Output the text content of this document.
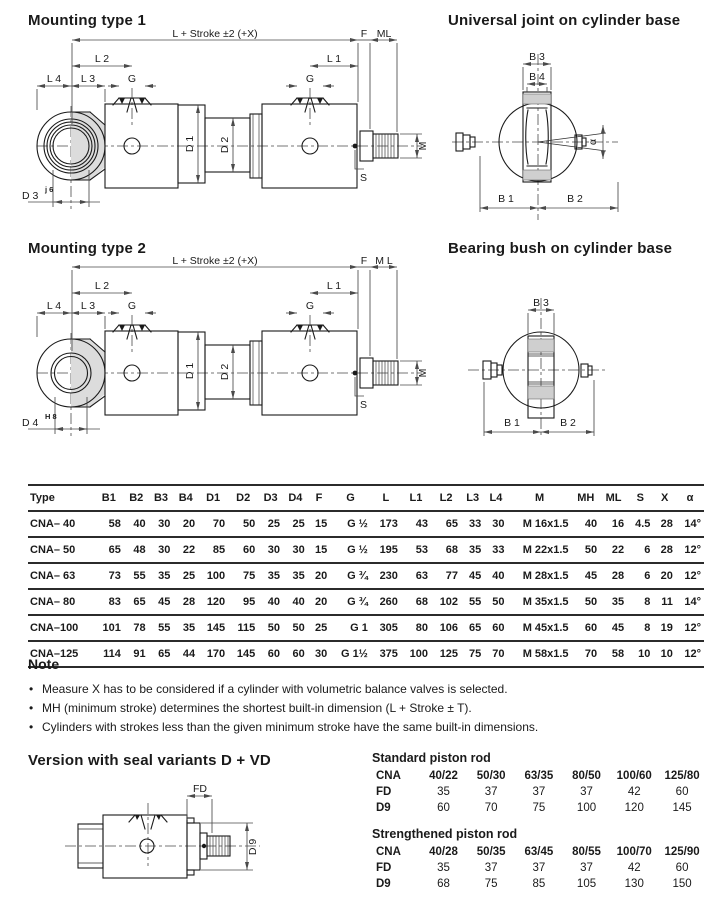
Mounting type 1	Universal joint on cylinder base
Mounting type 2	Bearing bush on cylinder base
L + Stroke ±2 (+X)	F ML
L 2	L 1
L 4 L 3	G	G
D 1 D 2	M
S
D 3
j 6
B 3
B 4
α
B 1	B 2
L + Stroke ±2 (+X)	F M L
L 2	L 1
L 4 L 3	G	G
D 1 D 2	M
S
D 4
H 8
B 3
B 1	B 2
Type	B1	B2	B3	B4	D1	D2	D3	D4	F	G	L	L1	L2	L3	L4	M	MH	ML	S	X	α
CNA– 40	58	40	30	20	70	50	25	25	15	G ½	173	43	65	33	30	M 16x1.5	40	16	4.5	28	14°
CNA– 50	65	48	30	22	85	60	30	30	15	G ½	195	53	68	35	33	M 22x1.5	50	22	6	28	12°
CNA– 63	73	55	35	25	100	75	35	35	20	G ¾	230	63	77	45	40	M 28x1.5	45	28	6	20	12°
CNA– 80	83	65	45	28	120	95	40	40	20	G ¾	260	68	102	55	50	M 35x1.5	50	35	8	11	14°
CNA–100	101	78	55	35	145	115	50	50	25	G 1	305	80	106	65	60	M 45x1.5	60	45	8	19	12°
CNA–125	114	91	65	44	170	145	60	60	30	G 1½	375	100	125	75	70	M 58x1.5	70	58	10	10	12°
Note
• Measure X has to be considered if a cylinder with volumetric balance valves is selected.
• MH (minimum stroke) determines the shortest built-in dimension (L + Stroke ± T).
• Cylinders with strokes less than the given minimum stroke have the same built-in dimensions.
Version with seal variants D + VD
FD
D 9
Standard piston rod
CNA	40/22	50/30	63/35	80/50	100/60	125/80
FD	35	37	37	37	42	60
D9	60	70	75	100	120	145
Strengthened piston rod
CNA	40/28	50/35	63/45	80/55	100/70	125/90
FD	35	37	37	37	42	60
D9	68	75	85	105	130	150
